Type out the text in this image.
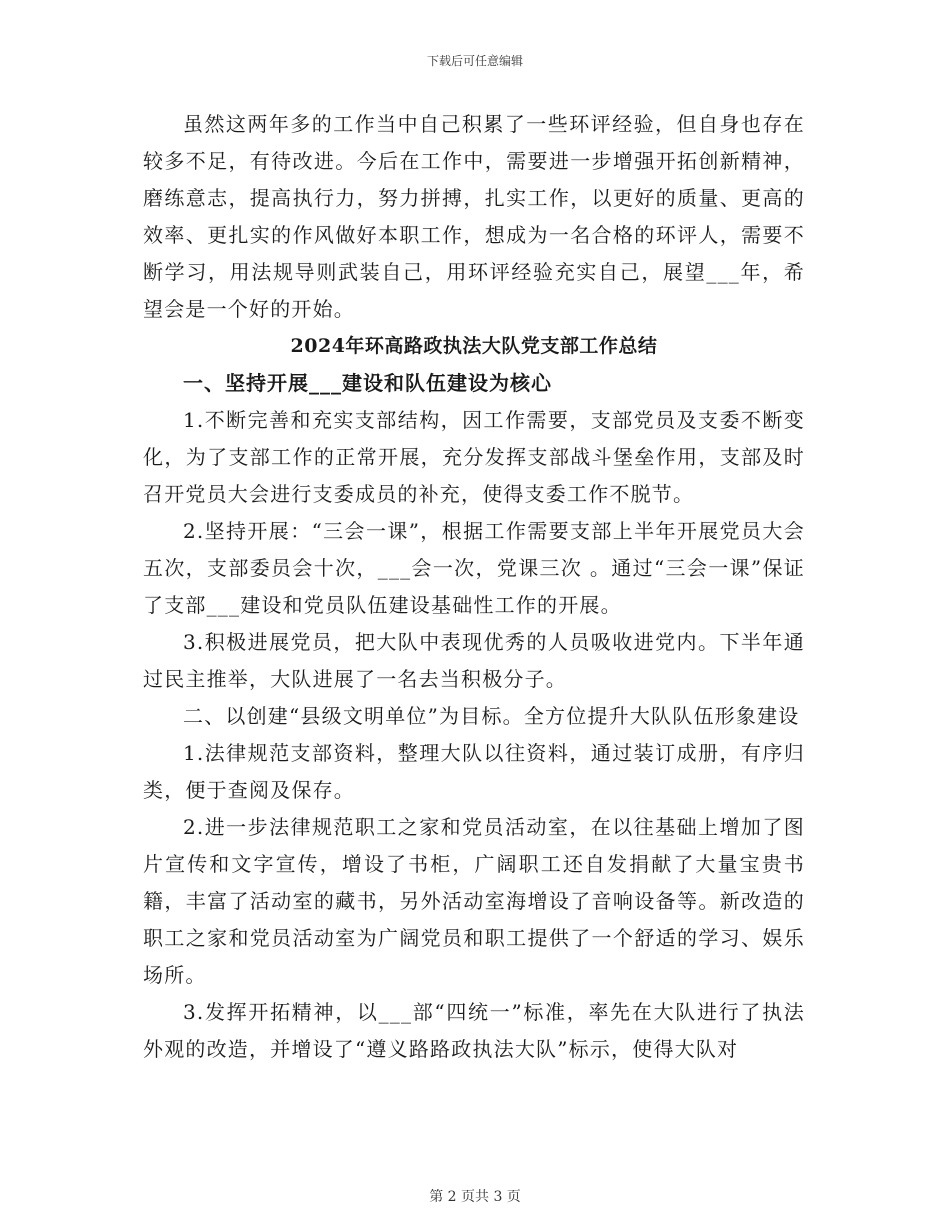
下载后可任意编辑

虽然这两年多的工作当中自己积累了一些环评经验，但自身也存在较多不足，有待改进。今后在工作中，需要进一步增强开拓创新精神，磨练意志，提高执行力，努力拼搏，扎实工作，以更好的质量、更高的效率、更扎实的作风做好本职工作，想成为一名合格的环评人，需要不断学习，用法规导则武装自己，用环评经验充实自己，展望___年，希望会是一个好的开始。

2024年环高路政执法大队党支部工作总结

一、坚持开展___建设和队伍建设为核心

1.不断完善和充实支部结构，因工作需要，支部党员及支委不断变化，为了支部工作的正常开展，充分发挥支部战斗堡垒作用，支部及时召开党员大会进行支委成员的补充，使得支委工作不脱节。

2.坚持开展：“三会一课”，根据工作需要支部上半年开展党员大会五次，支部委员会十次，___会一次，党课三次 。通过“三会一课”保证了支部___建设和党员队伍建设基础性工作的开展。

3.积极进展党员，把大队中表现优秀的人员吸收进党内。下半年通过民主推举，大队进展了一名去当积极分子。

二、以创建“县级文明单位”为目标。全方位提升大队队伍形象建设

1.法律规范支部资料，整理大队以往资料，通过装订成册，有序归类，便于查阅及保存。

2.进一步法律规范职工之家和党员活动室，在以往基础上增加了图片宣传和文字宣传，增设了书柜，广阔职工还自发捐献了大量宝贵书籍，丰富了活动室的藏书，另外活动室海增设了音响设备等。新改造的职工之家和党员活动室为广阔党员和职工提供了一个舒适的学习、娱乐场所。

3.发挥开拓精神，以___部“四统一”标准，率先在大队进行了执法外观的改造，并增设了“遵义路路政执法大队”标示，使得大队对

第 2 页共 3 页
